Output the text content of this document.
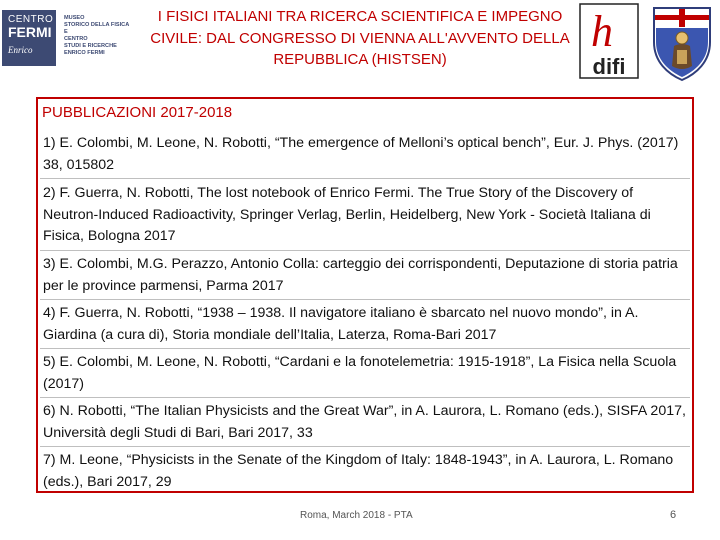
CENTRO
FERMI
Enrico Fermi
MUSEO
STORICO DELLA FISICA
E
CENTRO
STUDI E RICERCHE
ENRICO FERMI
I FISICI ITALIANI TRA RICERCA SCIENTIFICA E IMPEGNO CIVILE: DAL CONGRESSO DI VIENNA ALL'AVVENTO DELLA REPUBBLICA (HISTSEN)
h
difi
PUBBLICAZIONI 2017-2018

1) E. Colombi, M. Leone, N. Robotti, “The emergence of Melloni’s optical bench”, Eur. J. Phys. (2017) 38, 015802

2) F. Guerra, N. Robotti, The lost notebook of Enrico Fermi. The True Story of the Discovery of Neutron-Induced Radioactivity, Springer Verlag, Berlin, Heidelberg, New York - Società Italiana di Fisica, Bologna 2017

3) E. Colombi, M.G. Perazzo, Antonio Colla: carteggio dei corrispondenti, Deputazione di storia patria per le province parmensi, Parma 2017

4) F. Guerra, N. Robotti, “1938 – 1938. Il navigatore italiano è sbarcato nel nuovo mondo”, in A. Giardina (a cura di), Storia mondiale dell’Italia, Laterza, Roma-Bari 2017

5) E. Colombi, M. Leone, N. Robotti, “Cardani e la fonotelemetria: 1915-1918”, La Fisica nella Scuola (2017)

6) N. Robotti, “The Italian Physicists and the Great War”, in A. Laurora, L. Romano (eds.), SISFA 2017, Università degli Studi di Bari, Bari 2017, 33

7) M. Leone, “Physicists in the Senate of the Kingdom of Italy: 1848-1943”, in A. Laurora, L. Romano (eds.), Bari 2017, 29

Roma, March 2018 - PTA	6
